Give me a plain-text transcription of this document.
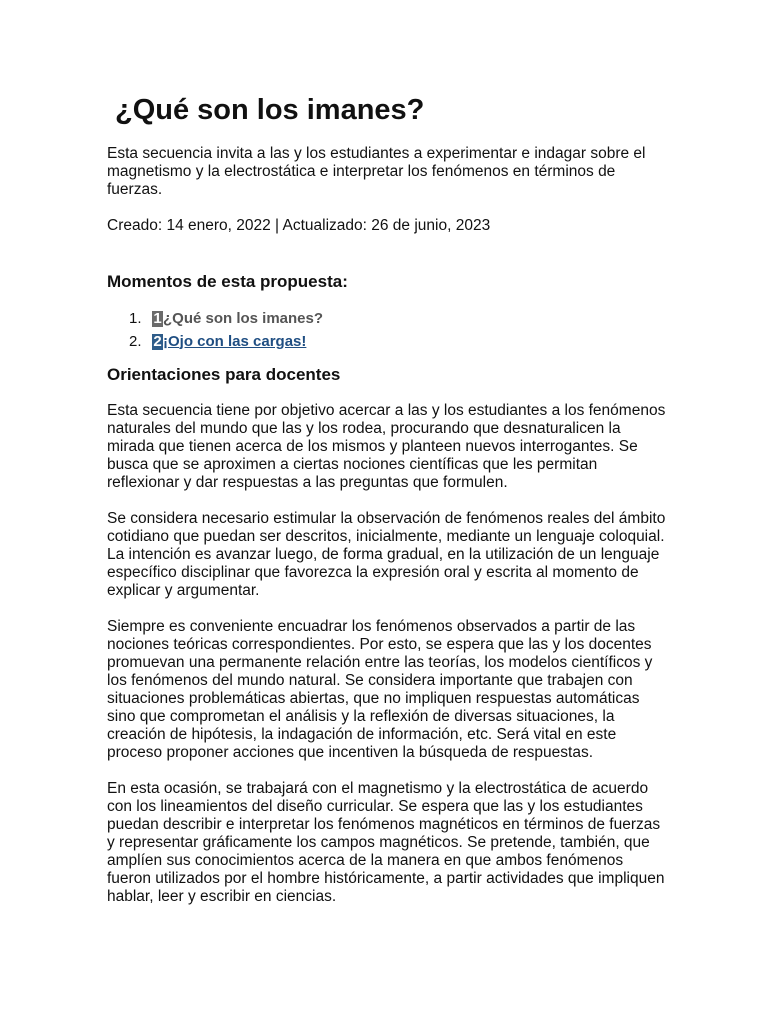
¿Qué son los imanes?

Esta secuencia invita a las y los estudiantes a experimentar e indagar sobre el magnetismo y la electrostática e interpretar los fenómenos en términos de fuerzas.

Creado: 14 enero, 2022 | Actualizado: 26 de junio, 2023

Momentos de esta propuesta:
1. 1 ¿Qué son los imanes?
2. 2 ¡Ojo con las cargas!
Orientaciones para docentes

Esta secuencia tiene por objetivo acercar a las y los estudiantes a los fenómenos naturales del mundo que las y los rodea, procurando que desnaturalicen la mirada que tienen acerca de los mismos y planteen nuevos interrogantes. Se busca que se aproximen a ciertas nociones científicas que les permitan reflexionar y dar respuestas a las preguntas que formulen.

Se considera necesario estimular la observación de fenómenos reales del ámbito cotidiano que puedan ser descritos, inicialmente, mediante un lenguaje coloquial. La intención es avanzar luego, de forma gradual, en la utilización de un lenguaje específico disciplinar que favorezca la expresión oral y escrita al momento de explicar y argumentar.

Siempre es conveniente encuadrar los fenómenos observados a partir de las nociones teóricas correspondientes. Por esto, se espera que las y los docentes promuevan una permanente relación entre las teorías, los modelos científicos y los fenómenos del mundo natural. Se considera importante que trabajen con situaciones problemáticas abiertas, que no impliquen respuestas automáticas sino que comprometan el análisis y la reflexión de diversas situaciones, la creación de hipótesis, la indagación de información, etc. Será vital en este proceso proponer acciones que incentiven la búsqueda de respuestas.

En esta ocasión, se trabajará con el magnetismo y la electrostática de acuerdo con los lineamientos del diseño curricular. Se espera que las y los estudiantes puedan describir e interpretar los fenómenos magnéticos en términos de fuerzas y representar gráficamente los campos magnéticos. Se pretende, también, que amplíen sus conocimientos acerca de la manera en que ambos fenómenos fueron utilizados por el hombre históricamente, a partir actividades que impliquen hablar, leer y escribir en ciencias.
